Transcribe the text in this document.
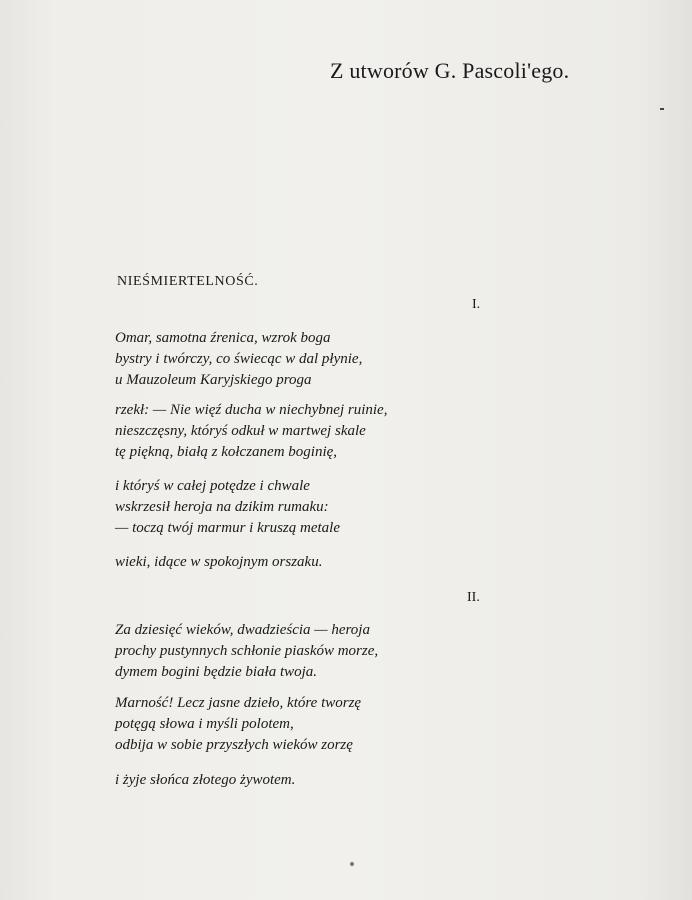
Z utworów G. Pascoli'ego.
NIEŚMIERTELNOŚĆ.
I.
Omar, samotna źrenica, wzrok boga
bystry i twórczy, co świecąc w dal płynie,
u Mauzoleum Karyjskiego proga
rzekł: — Nie więź ducha w niechybnej ruinie,
nieszczęsny, któryś odkuł w martwej skale
tę piękną, białą z kołczanem boginię,
i któryś w całej potędze i chwale
wskrzesił heroja na dzikim rumaku:
— toczą twój marmur i kruszą metale
wieki, idące w spokojnym orszaku.
II.
Za dziesięć wieków, dwadzieścia — heroja
prochy pustynnych schłonie piasków morze,
dymem bogini będzie biała twoja.
Marność! Lecz jasne dzieło, które tworzę
potęgą słowa i myśli polotem,
odbija w sobie przyszłych wieków zorzę
i żyje słońca złotego żywotem.
